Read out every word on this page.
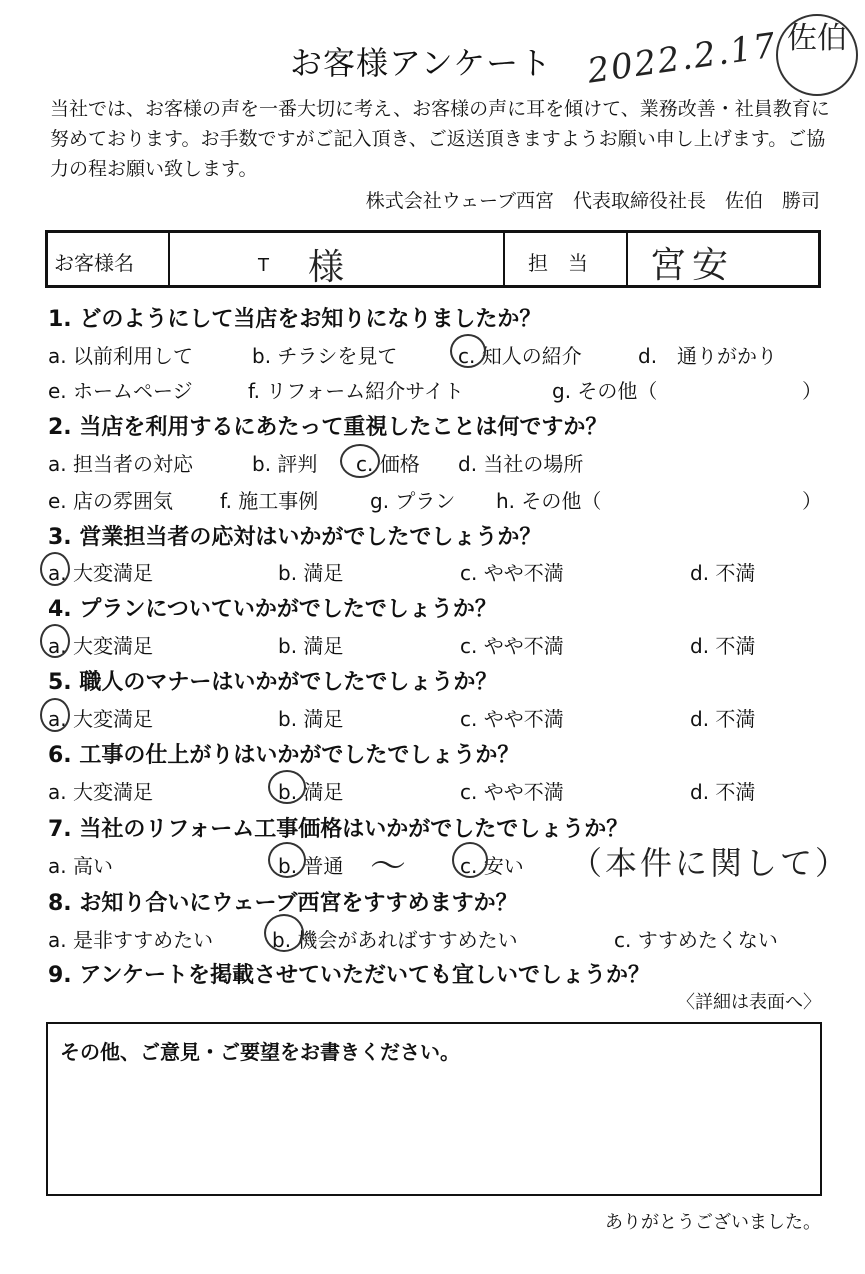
お客様アンケート 2022.2.17 佐伯
当社では、お客様の声を一番大切に考え、お客様の声に耳を傾けて、業務改善・社員教育に努めております。お手数ですがご記入頂き、ご返送頂きますようお願い申し上げます。ご協力の程お願い致します。
株式会社ウェーブ西宮　代表取締役社長　佐伯　勝司
お客様名	T 様	担　当 宮安
1. どのようにして当店をお知りになりましたか？
a. 以前利用して	b. チラシを見て	c. 知人の紹介	d.　通りがかり
e. ホームページ	f. リフォーム紹介サイト	g. その他（	）
2. 当店を利用するにあたって重視したことは何ですか？
a. 担当者の対応	b. 評判 c. 価格 d. 当社の場所
e. 店の雰囲気 f. 施工事例	g. プラン h. その他（	）
3. 営業担当者の応対はいかがでしたでしょうか？
a. 大変満足	b. 満足	c. やや不満	d. 不満
4. プランについていかがでしたでしょうか？
a. 大変満足	b. 満足	c. やや不満	d. 不満
5. 職人のマナーはいかがでしたでしょうか？
a. 大変満足	b. 満足	c. やや不満	d. 不満
6. 工事の仕上がりはいかがでしたでしょうか？
a. 大変満足	b. 満足	c. やや不満	d. 不満
7. 当社のリフォーム工事価格はいかがでしたでしょうか？
a. 高い	b. 普通 〜	c. 安い （本件に関して）
8. お知り合いにウェーブ西宮をすすめますか？
a. 是非すすめたい	b. 機会があればすすめたい	c. すすめたくない
9. アンケートを掲載させていただいても宜しいでしょうか？
〈詳細は表面へ〉
その他、ご意見・ご要望をお書きください。
ありがとうございました。
